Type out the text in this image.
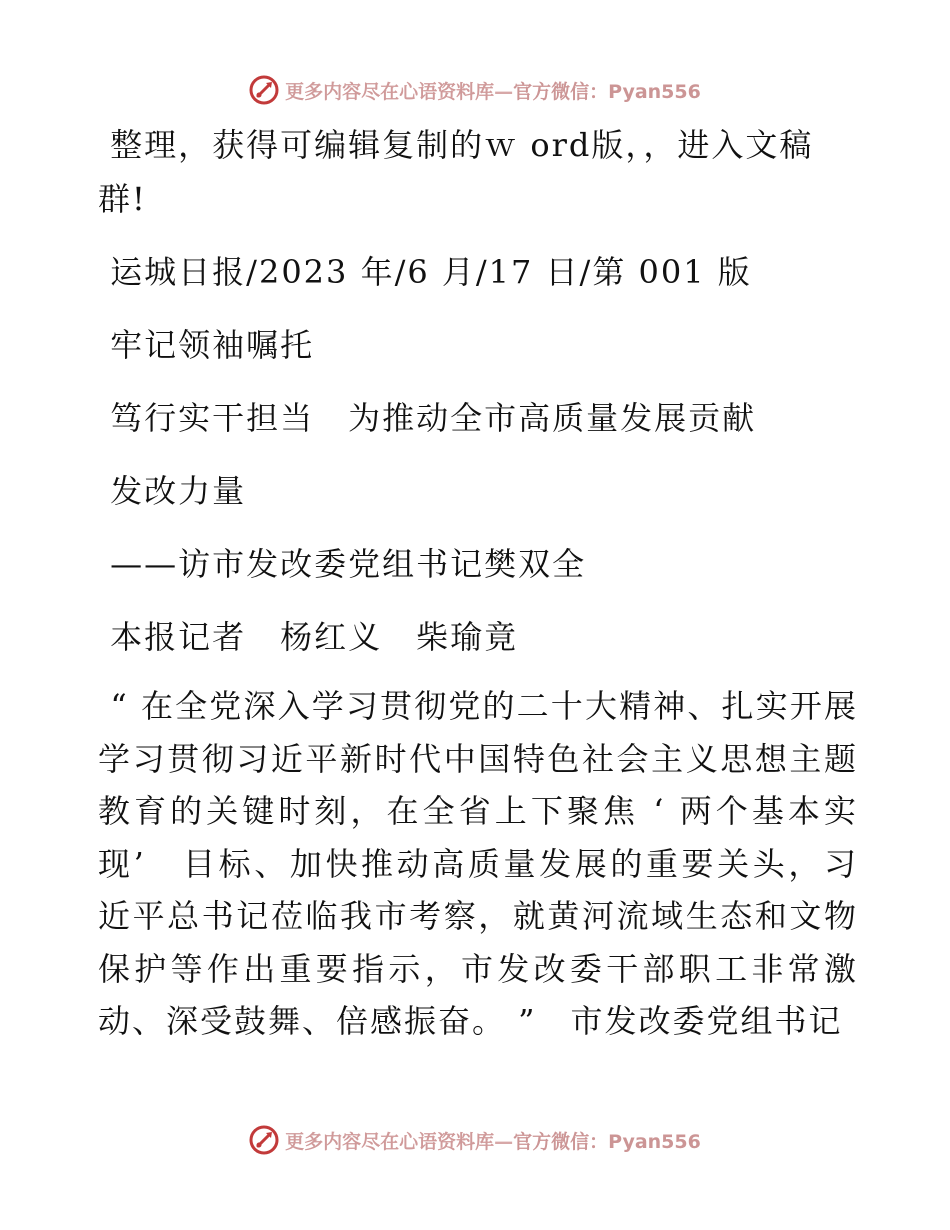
更多内容尽在心语资料库—官方微信：Pyan556

整理，获得可编辑复制的ｗ ord版，，进入文稿群!

运城日报/2023 年/6 月/17 日/第 001 版

牢记领袖嘱托

笃行实干担当　为推动全市高质量发展贡献

发改力量

——访市发改委党组书记樊双全

本报记者　杨红义　柴瑜竟

“ 在全党深入学习贯彻党的二十大精神、扎实开展学习贯彻习近平新时代中国特色社会主义思想主题教育的关键时刻，在全省上下聚焦 ‘ 两个基本实现’　目标、加快推动高质量发展的重要关头，习近平总书记莅临我市考察，就黄河流域生态和文物保护等作出重要指示，市发改委干部职工非常激动、深受鼓舞、倍感振奋。 ”　市发改委党组书记

更多内容尽在心语资料库—官方微信：Pyan556
